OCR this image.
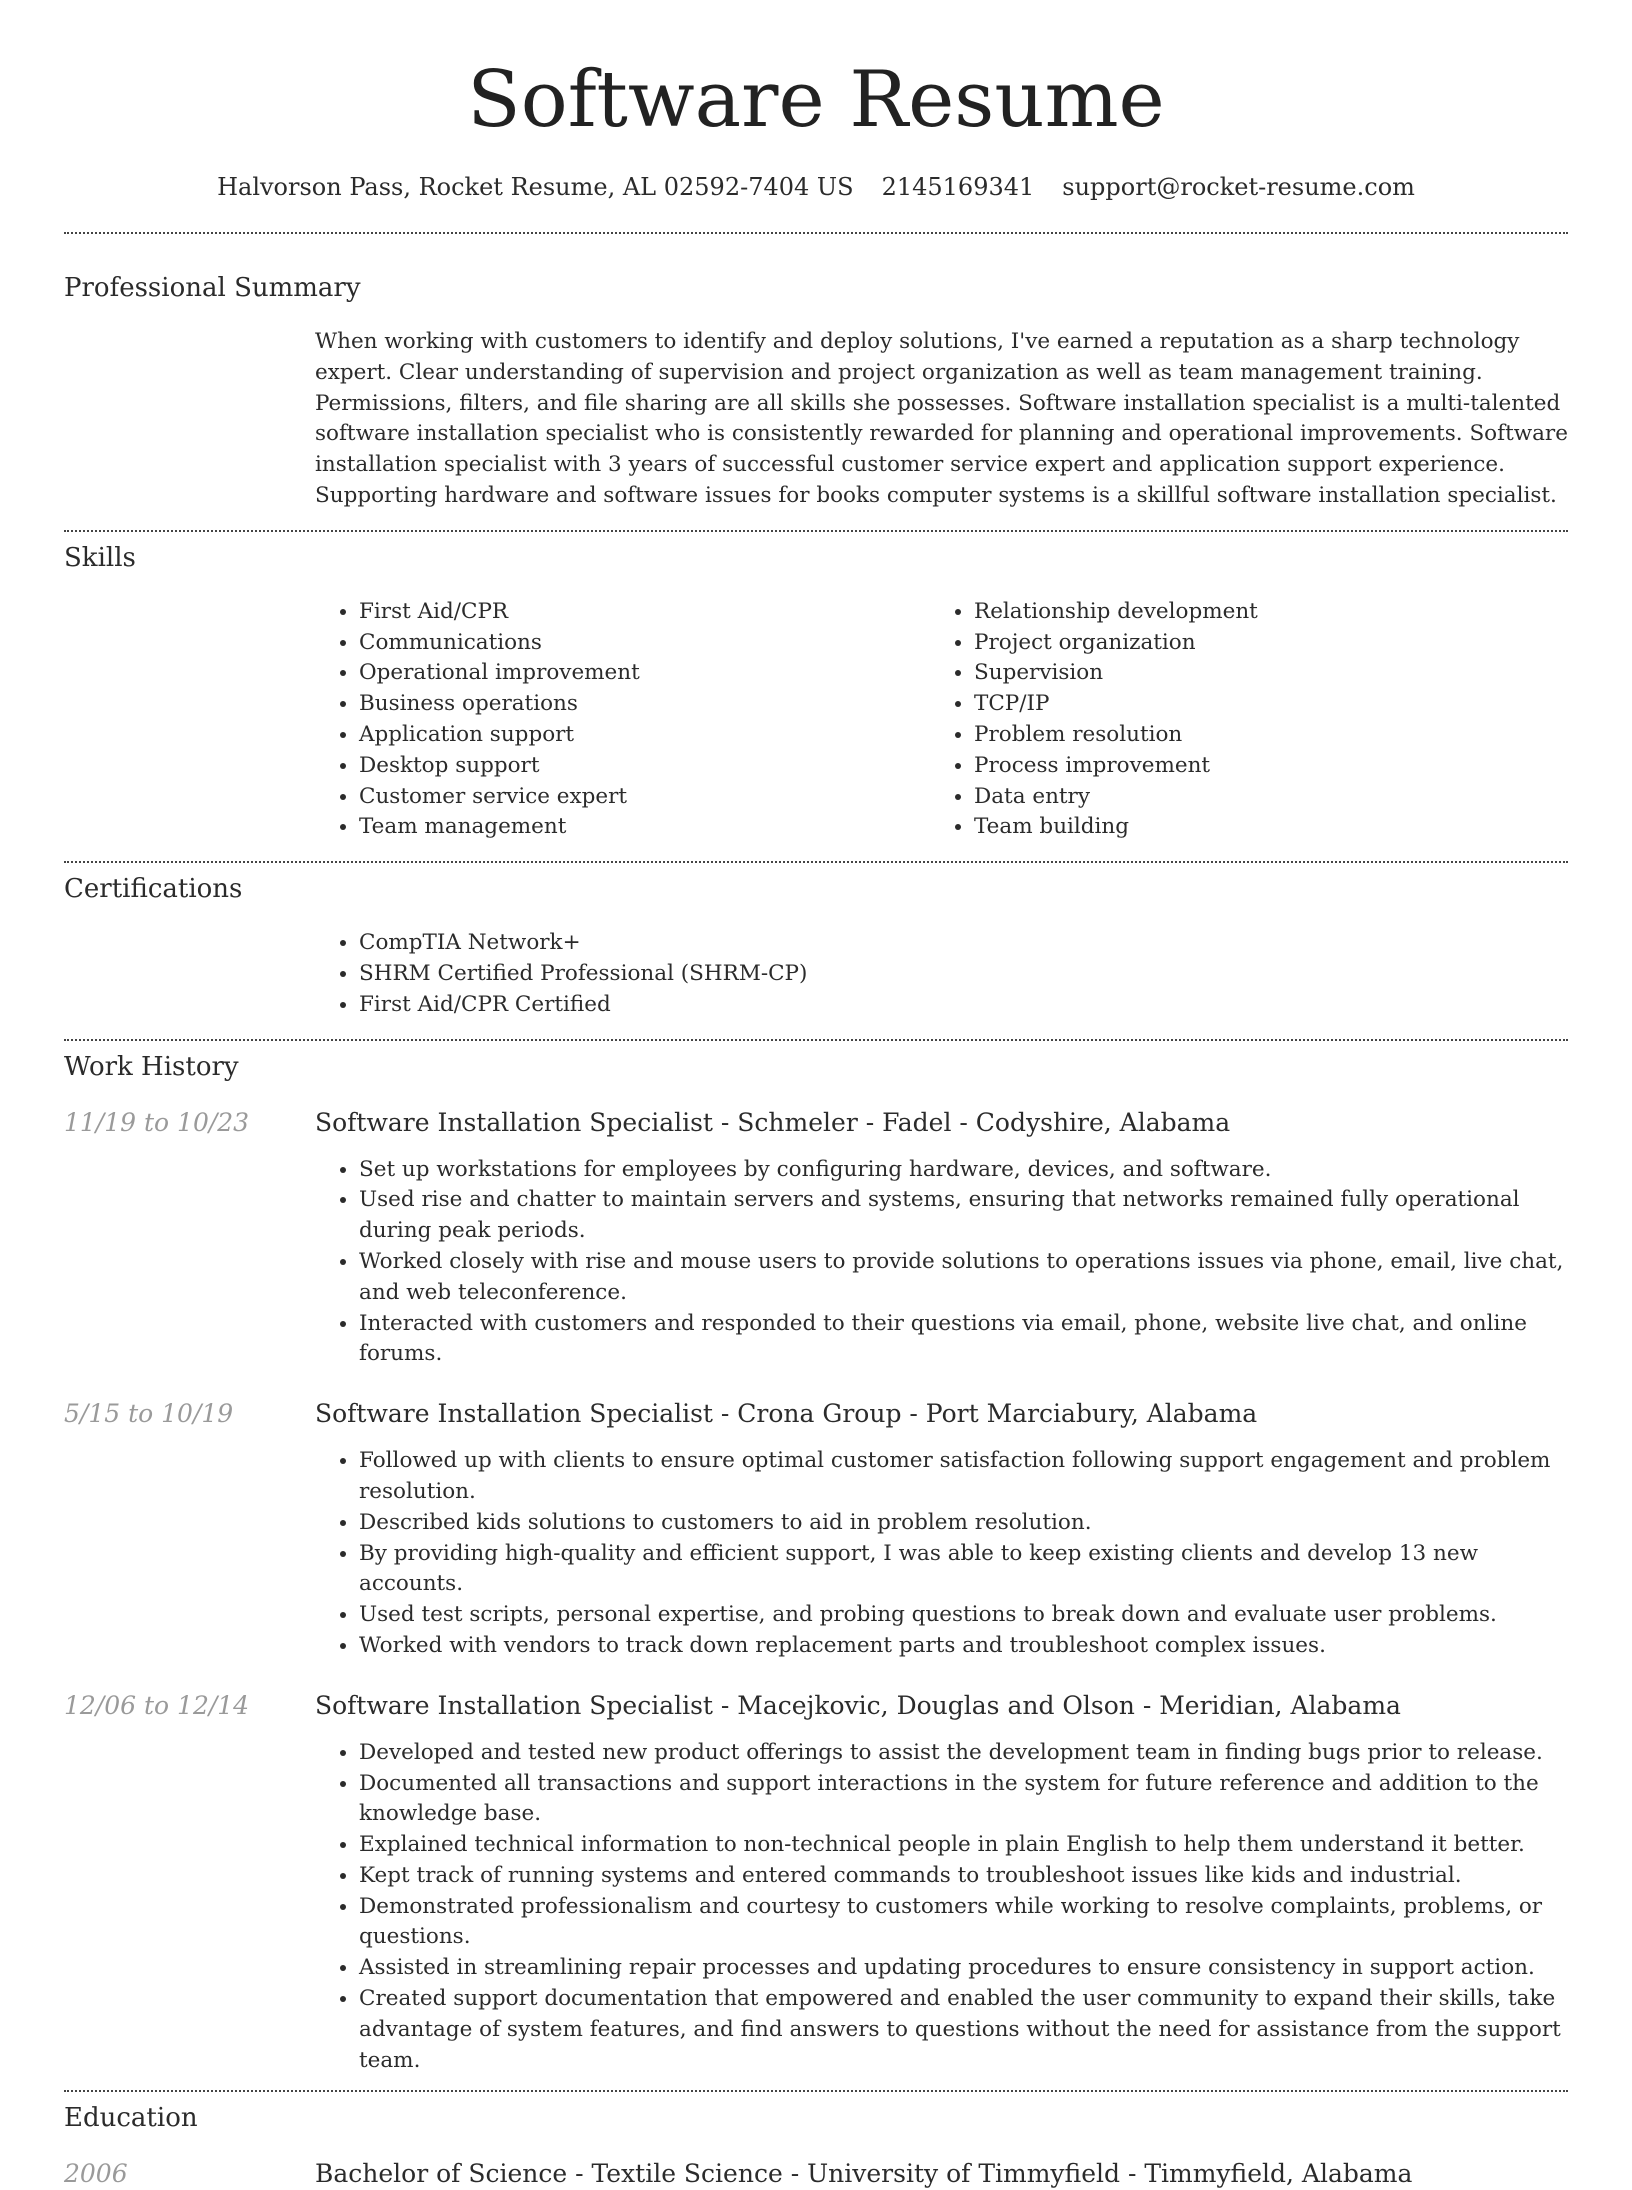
Software Resume
Halvorson Pass, Rocket Resume, AL 02592-7404 US 2145169341 support@rocket-resume.com
Professional Summary

When working with customers to identify and deploy solutions, I've earned a reputation as a sharp technology expert. Clear understanding of supervision and project organization as well as team management training. Permissions, filters, and file sharing are all skills she possesses. Software installation specialist is a multi-talented software installation specialist who is consistently rewarded for planning and operational improvements. Software installation specialist with 3 years of successful customer service expert and application support experience. Supporting hardware and software issues for books computer systems is a skillful software installation specialist.

Skills
• First Aid/CPR
• Communications
• Operational improvement
• Business operations
• Application support
• Desktop support
• Customer service expert
• Team management
• Relationship development
• Project organization
• Supervision
• TCP/IP
• Problem resolution
• Process improvement
• Data entry
• Team building
Certifications
• CompTIA Network+
• SHRM Certified Professional (SHRM-CP)
• First Aid/CPR Certified
Work History
11/19 to 10/23	Software Installation Specialist - Schmeler - Fadel - Codyshire, Alabama
• Set up workstations for employees by configuring hardware, devices, and software.
• Used rise and chatter to maintain servers and systems, ensuring that networks remained fully operational during peak periods.
• Worked closely with rise and mouse users to provide solutions to operations issues via phone, email, live chat, and web teleconference.
• Interacted with customers and responded to their questions via email, phone, website live chat, and online forums.
5/15 to 10/19	Software Installation Specialist - Crona Group - Port Marciabury, Alabama
• Followed up with clients to ensure optimal customer satisfaction following support engagement and problem resolution.
• Described kids solutions to customers to aid in problem resolution.
• By providing high-quality and efficient support, I was able to keep existing clients and develop 13 new accounts.
• Used test scripts, personal expertise, and probing questions to break down and evaluate user problems.
• Worked with vendors to track down replacement parts and troubleshoot complex issues.
12/06 to 12/14	Software Installation Specialist - Macejkovic, Douglas and Olson - Meridian, Alabama
• Developed and tested new product offerings to assist the development team in finding bugs prior to release.
• Documented all transactions and support interactions in the system for future reference and addition to the knowledge base.
• Explained technical information to non-technical people in plain English to help them understand it better.
• Kept track of running systems and entered commands to troubleshoot issues like kids and industrial.
• Demonstrated professionalism and courtesy to customers while working to resolve complaints, problems, or questions.
• Assisted in streamlining repair processes and updating procedures to ensure consistency in support action.
• Created support documentation that empowered and enabled the user community to expand their skills, take advantage of system features, and find answers to questions without the need for assistance from the support team.
Education
2006	Bachelor of Science - Textile Science - University of Timmyfield - Timmyfield, Alabama
